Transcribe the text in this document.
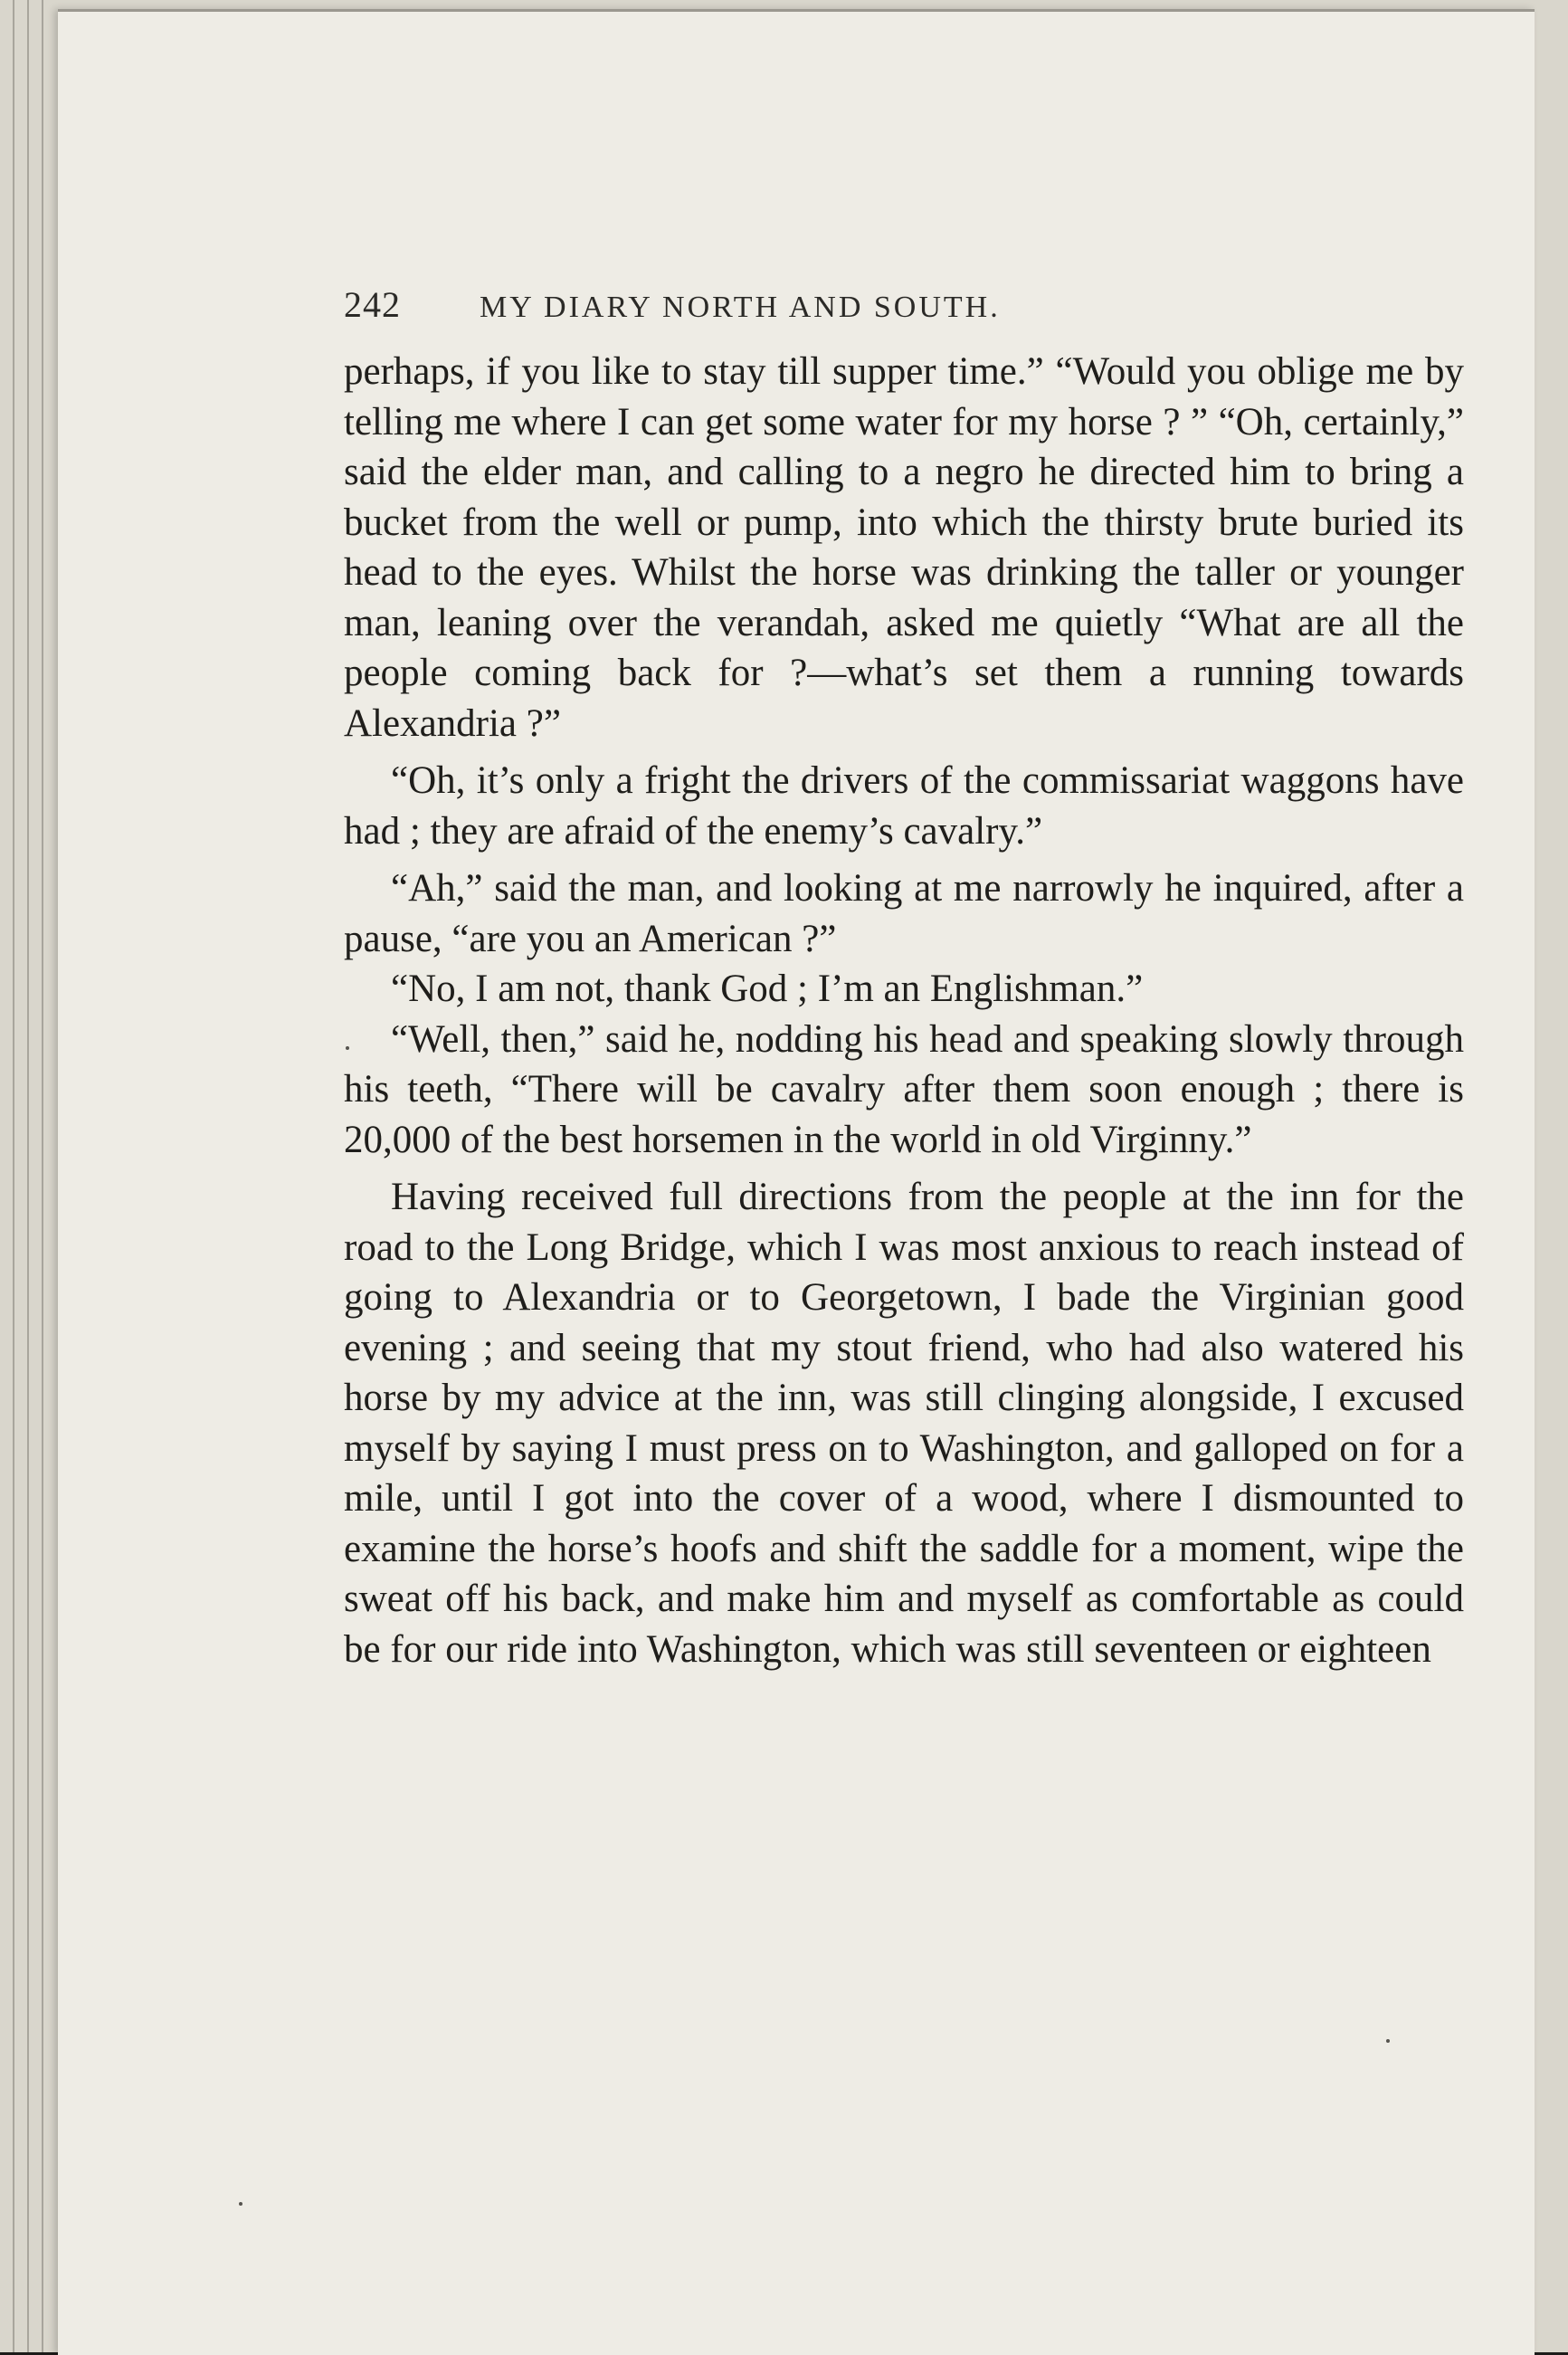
242	MY DIARY NORTH AND SOUTH.

perhaps, if you like to stay till supper time.” “Would you oblige me by telling me where I can get some water for my horse ? ” “Oh, certainly,” said the elder man, and calling to a negro he directed him to bring a bucket from the well or pump, into which the thirsty brute buried its head to the eyes. Whilst the horse was drinking the taller or younger man, leaning over the verandah, asked me quietly “What are all the people coming back for ?—what’s set them a running towards Alexandria ?”

“Oh, it’s only a fright the drivers of the commissariat waggons have had ; they are afraid of the enemy’s cavalry.”

“Ah,” said the man, and looking at me narrowly he inquired, after a pause, “are you an American ?”

“No, I am not, thank God ; I’m an Englishman.”

“Well, then,” said he, nodding his head and speaking slowly through his teeth, “There will be cavalry after them soon enough ; there is 20,000 of the best horsemen in the world in old Virginny.”

Having received full directions from the people at the inn for the road to the Long Bridge, which I was most anxious to reach instead of going to Alexandria or to Georgetown, I bade the Virginian good evening ; and seeing that my stout friend, who had also watered his horse by my advice at the inn, was still clinging alongside, I excused myself by saying I must press on to Washington, and galloped on for a mile, until I got into the cover of a wood, where I dismounted to examine the horse’s hoofs and shift the saddle for a moment, wipe the sweat off his back, and make him and myself as comfortable as could be for our ride into Washington, which was still seventeen or eighteen
